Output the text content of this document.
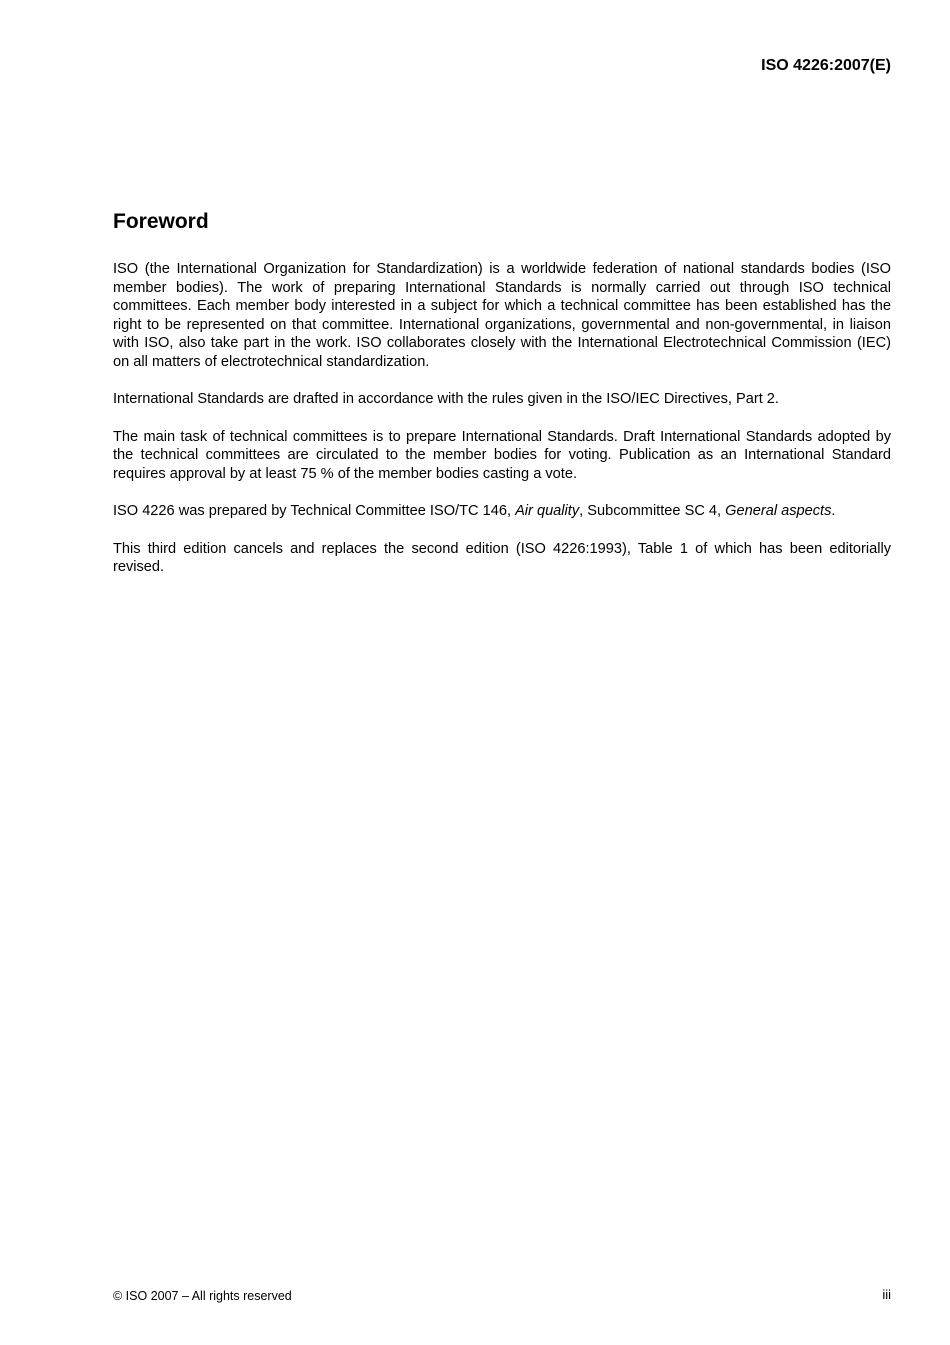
ISO 4226:2007(E)

Foreword

ISO (the International Organization for Standardization) is a worldwide federation of national standards bodies (ISO member bodies). The work of preparing International Standards is normally carried out through ISO technical committees. Each member body interested in a subject for which a technical committee has been established has the right to be represented on that committee. International organizations, governmental and non-governmental, in liaison with ISO, also take part in the work. ISO collaborates closely with the International Electrotechnical Commission (IEC) on all matters of electrotechnical standardization.

International Standards are drafted in accordance with the rules given in the ISO/IEC Directives, Part 2.

The main task of technical committees is to prepare International Standards. Draft International Standards adopted by the technical committees are circulated to the member bodies for voting. Publication as an International Standard requires approval by at least 75 % of the member bodies casting a vote.

ISO 4226 was prepared by Technical Committee ISO/TC 146, Air quality, Subcommittee SC 4, General aspects.

This third edition cancels and replaces the second edition (ISO 4226:1993), Table 1 of which has been editorially revised.

© ISO 2007 – All rights reserved	iii
